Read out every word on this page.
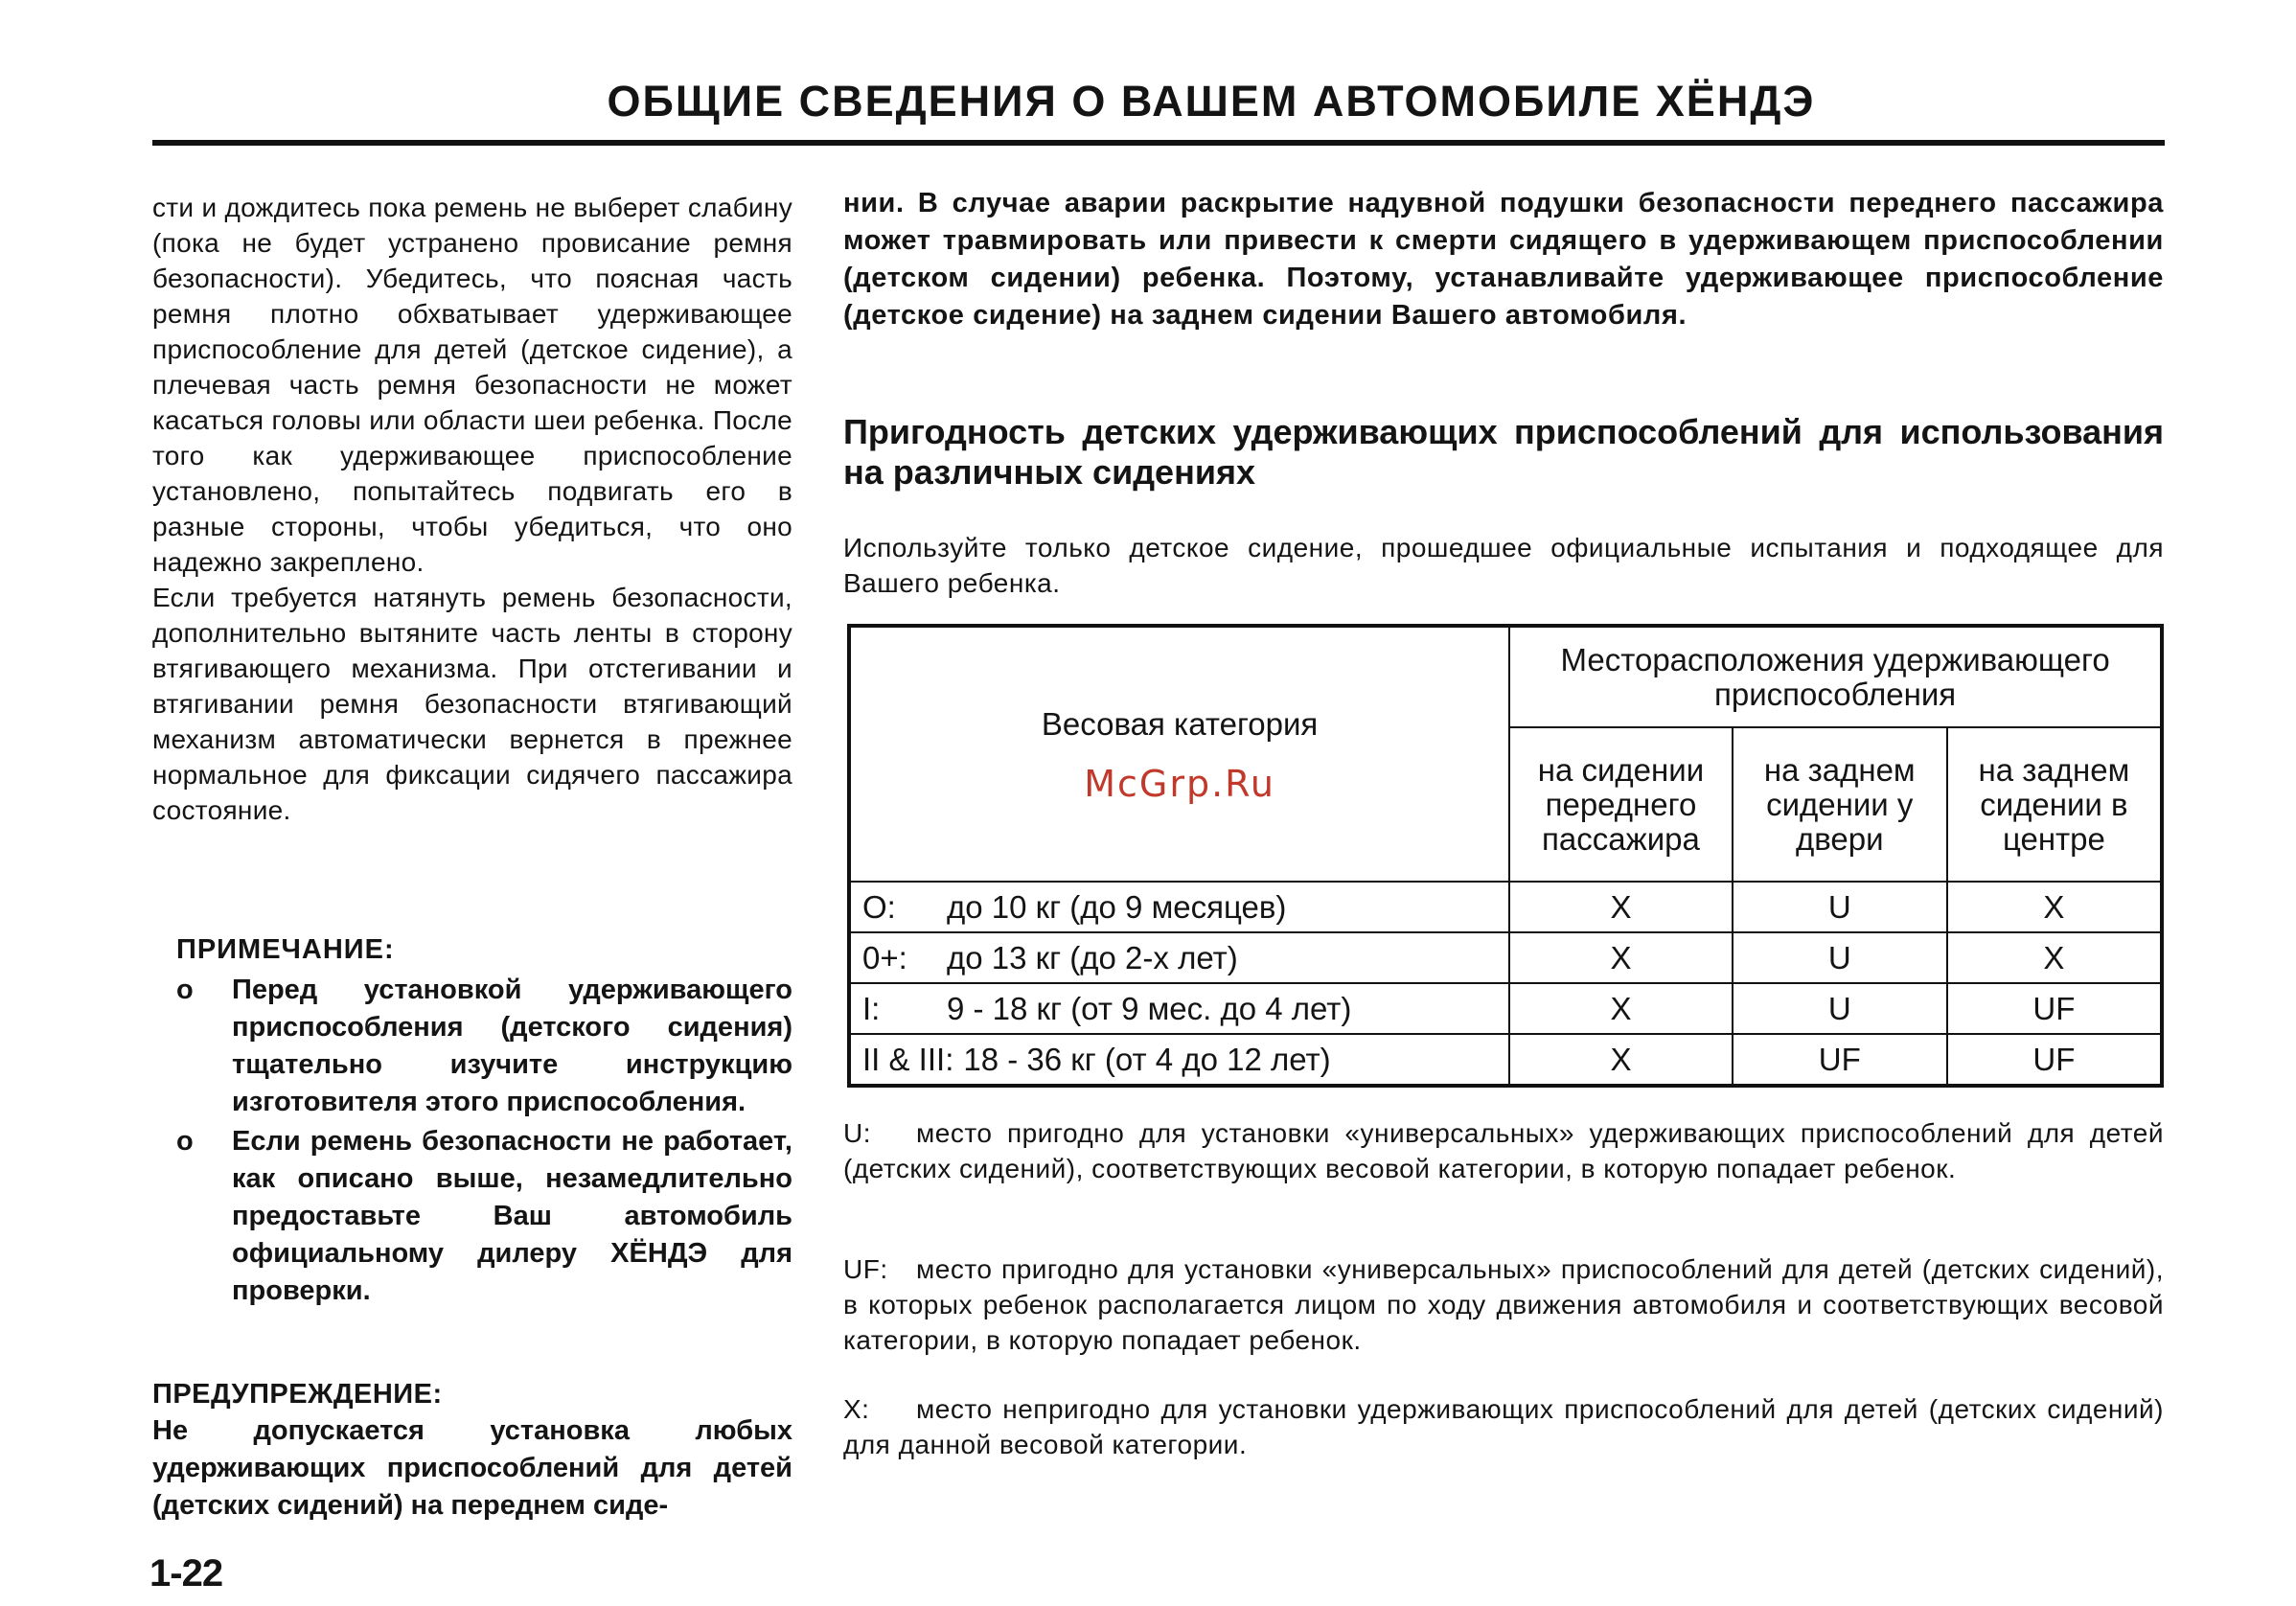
ОБЩИЕ СВЕДЕНИЯ О ВАШЕМ АВТОМОБИЛЕ ХЁНДЭ

сти и дождитесь пока ремень не выберет слабину (пока не будет устранено провисание ремня безопасности). Убедитесь, что поясная часть ремня плотно обхватывает удерживающее приспособление для детей (детское сидение), а плечевая часть ремня безопасности не может касаться головы или области шеи ребенка. После того как удерживающее приспособление установлено, попытайтесь подвигать его в разные стороны, чтобы убедиться, что оно надежно закреплено.

Если требуется натянуть ремень безопасности, дополнительно вытяните часть ленты в сторону втягивающего механизма. При отстегивании и втягивании ремня безопасности втягивающий механизм автоматически вернется в прежнее нормальное для фиксации сидячего пассажира состояние.

ПРИМЕЧАНИЕ:

o	Перед установкой удерживающего приспособления (детского сидения) тщательно изучите инструкцию изготовителя этого приспособления.
o	Если ремень безопасности не работает, как описано выше, незамедлительно предоставьте Ваш автомобиль официальному дилеру ХЁНДЭ для проверки.

ПРЕДУПРЕЖДЕНИЕ:

Не допускается установка любых удерживающих приспособлений для детей (детских сидений) на переднем сиде-

1-22

нии. В случае аварии раскрытие надувной подушки безопасности переднего пассажира может травмировать или привести к смерти сидящего в удерживающем приспособлении (детском сидении) ребенка. Поэтому, устанавливайте удерживающее приспособление (детское сидение) на заднем сидении Вашего автомобиля.

Пригодность детских удерживающих приспособлений для использования на различных сидениях

Используйте только детское сидение, прошедшее официальные испытания и подходящее для Вашего ребенка.

Весовая категория
McGrp.Ru	Месторасположения удерживающего приспособления		
	на сидении переднего пассажира	на заднем сидении у двери	на заднем сидении в центре
O: до 10 кг (до 9 месяцев)	X	U	X
0+: до 13 кг (до 2-х лет)	X	U	X
I: 9 - 18 кг (от 9 мес. до 4 лет)	X	U	UF
II & III: 18 - 36 кг (от 4 до 12 лет)	X	UF	UF

U: место пригодно для установки «универсальных» удерживающих приспособлений для детей (детских сидений), соответствующих весовой категории, в которую попадает ребенок.

UF: место пригодно для установки «универсальных» приспособлений для детей (детских сидений), в которых ребенок располагается лицом по ходу движения автомобиля и соответствующих весовой категории, в которую попадает ребенок.

X: место непригодно для установки удерживающих приспособлений для детей (детских сидений) для данной весовой категории.
